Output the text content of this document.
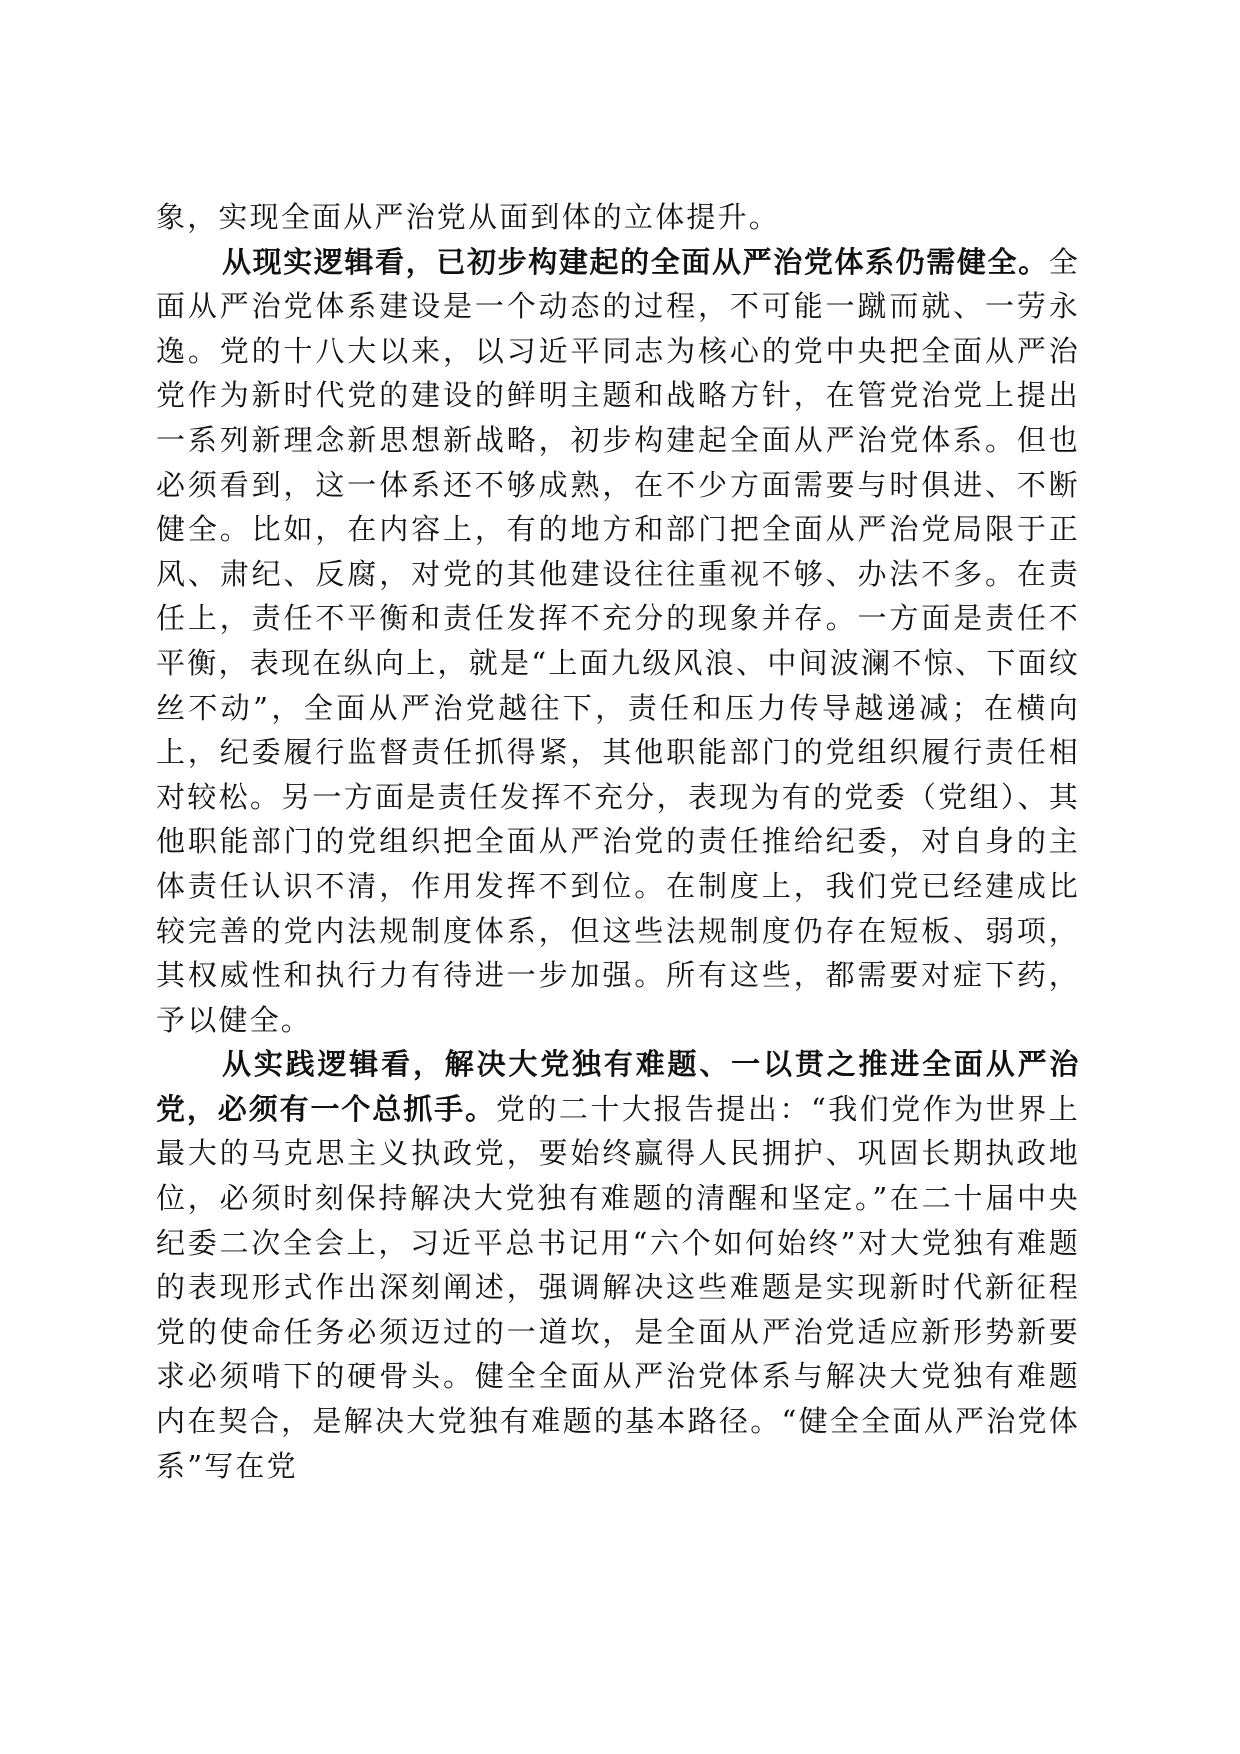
象，实现全面从严治党从面到体的立体提升。

从现实逻辑看，已初步构建起的全面从严治党体系仍需健全。全面从严治党体系建设是一个动态的过程，不可能一蹴而就、一劳永逸。党的十八大以来，以习近平同志为核心的党中央把全面从严治党作为新时代党的建设的鲜明主题和战略方针，在管党治党上提出一系列新理念新思想新战略，初步构建起全面从严治党体系。但也必须看到，这一体系还不够成熟，在不少方面需要与时俱进、不断健全。比如，在内容上，有的地方和部门把全面从严治党局限于正风、肃纪、反腐，对党的其他建设往往重视不够、办法不多。在责任上，责任不平衡和责任发挥不充分的现象并存。一方面是责任不平衡，表现在纵向上，就是“上面九级风浪、中间波澜不惊、下面纹丝不动”，全面从严治党越往下，责任和压力传导越递减；在横向上，纪委履行监督责任抓得紧，其他职能部门的党组织履行责任相对较松。另一方面是责任发挥不充分，表现为有的党委（党组）、其他职能部门的党组织把全面从严治党的责任推给纪委，对自身的主体责任认识不清，作用发挥不到位。在制度上，我们党已经建成比较完善的党内法规制度体系，但这些法规制度仍存在短板、弱项，其权威性和执行力有待进一步加强。所有这些，都需要对症下药，予以健全。

从实践逻辑看，解决大党独有难题、一以贯之推进全面从严治党，必须有一个总抓手。党的二十大报告提出：“我们党作为世界上最大的马克思主义执政党，要始终赢得人民拥护、巩固长期执政地位，必须时刻保持解决大党独有难题的清醒和坚定。”在二十届中央纪委二次全会上，习近平总书记用“六个如何始终”对大党独有难题的表现形式作出深刻阐述，强调解决这些难题是实现新时代新征程党的使命任务必须迈过的一道坎，是全面从严治党适应新形势新要求必须啃下的硬骨头。健全全面从严治党体系与解决大党独有难题内在契合，是解决大党独有难题的基本路径。“健全全面从严治党体系”写在党
